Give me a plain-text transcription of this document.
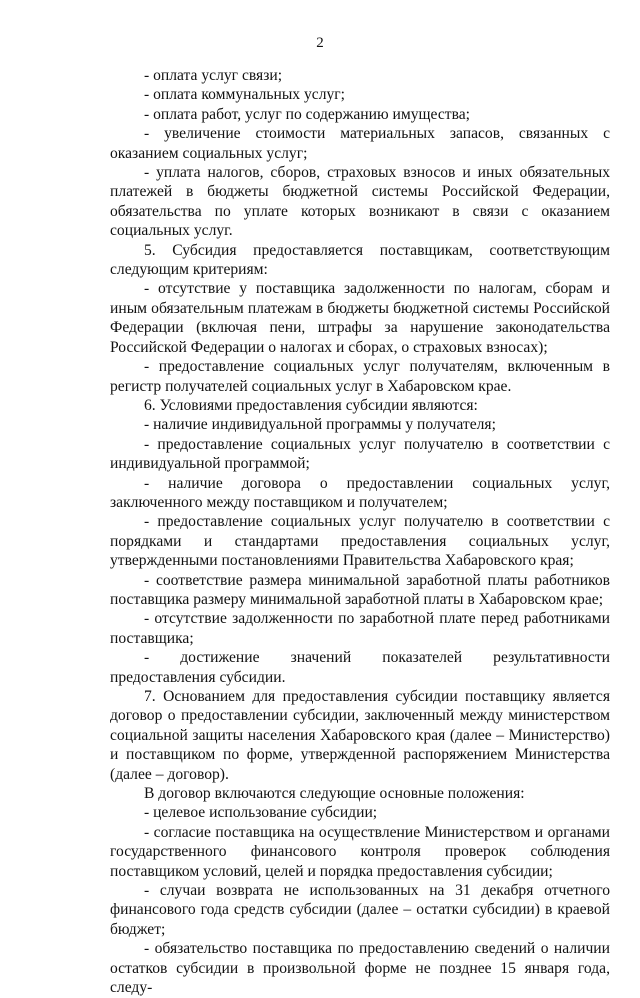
2

- оплата услуг связи;

- оплата коммунальных услуг;

- оплата работ, услуг по содержанию имущества;

- увеличение стоимости материальных запасов, связанных с оказанием социальных услуг;

- уплата налогов, сборов, страховых взносов и иных обязательных платежей в бюджеты бюджетной системы Российской Федерации, обязательства по уплате которых возникают в связи с оказанием социальных услуг.

5. Субсидия предоставляется поставщикам, соответствующим следующим критериям:

- отсутствие у поставщика задолженности по налогам, сборам и иным обязательным платежам в бюджеты бюджетной системы Российской Федерации (включая пени, штрафы за нарушение законодательства Российской Федерации о налогах и сборах, о страховых взносах);

- предоставление социальных услуг получателям, включенным в регистр получателей социальных услуг в Хабаровском крае.

6. Условиями предоставления субсидии являются:

- наличие индивидуальной программы у получателя;

- предоставление социальных услуг получателю в соответствии с индивидуальной программой;

- наличие договора о предоставлении социальных услуг, заключенного между поставщиком и получателем;

- предоставление социальных услуг получателю в соответствии с порядками и стандартами предоставления социальных услуг, утвержденными постановлениями Правительства Хабаровского края;

- соответствие размера минимальной заработной платы работников поставщика размеру минимальной заработной платы в Хабаровском крае;

- отсутствие задолженности по заработной плате перед работниками поставщика;

- достижение значений показателей результативности предоставления субсидии.

7. Основанием для предоставления субсидии поставщику является договор о предоставлении субсидии, заключенный между министерством социальной защиты населения Хабаровского края (далее – Министерство) и поставщиком по форме, утвержденной распоряжением Министерства (далее – договор).

В договор включаются следующие основные положения:

- целевое использование субсидии;

- согласие поставщика на осуществление Министерством и органами государственного финансового контроля проверок соблюдения поставщиком условий, целей и порядка предоставления субсидии;

- случаи возврата не использованных на 31 декабря отчетного финансового года средств субсидии (далее – остатки субсидии) в краевой бюджет;

- обязательство поставщика по предоставлению сведений о наличии остатков субсидии в произвольной форме не позднее 15 января года, следу-
